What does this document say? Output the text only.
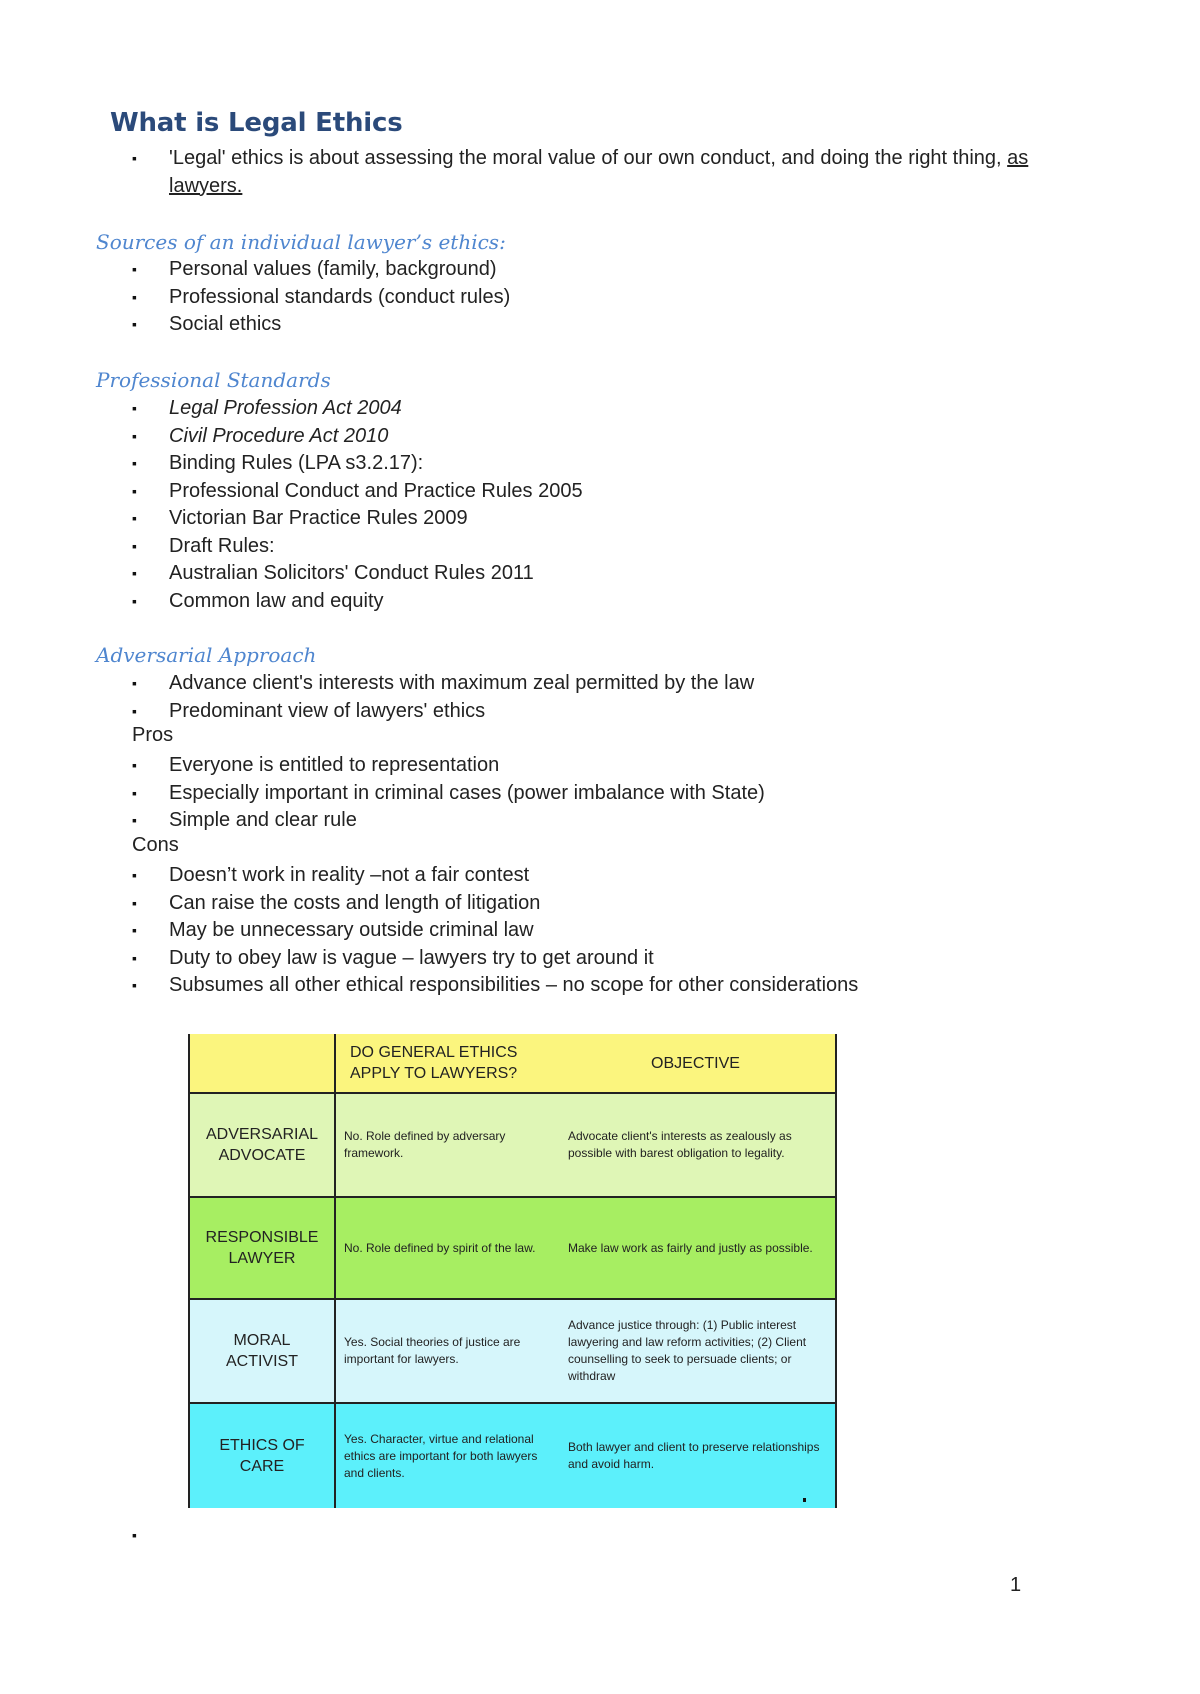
What is Legal Ethics
▪ 'Legal' ethics is about assessing the moral value of our own conduct, and doing the right thing, as lawyers.
Sources of an individual lawyer’s ethics:
▪ Personal values (family, background)
▪ Professional standards (conduct rules)
▪ Social ethics
Professional Standards
▪ Legal Profession Act 2004
▪ Civil Procedure Act 2010
▪ Binding Rules (LPA s3.2.17):
▪ Professional Conduct and Practice Rules 2005
▪ Victorian Bar Practice Rules 2009
▪ Draft Rules:
▪ Australian Solicitors' Conduct Rules 2011
▪ Common law and equity
Adversarial Approach
▪ Advance client's interests with maximum zeal permitted by the law
▪ Predominant view of lawyers' ethics
Pros
▪ Everyone is entitled to representation
▪ Especially important in criminal cases (power imbalance with State)
▪ Simple and clear rule
Cons
▪ Doesn’t work in reality –not a fair contest
▪ Can raise the costs and length of litigation
▪ May be unnecessary outside criminal law
▪ Duty to obey law is vague – lawyers try to get around it
▪ Subsumes all other ethical responsibilities – no scope for other considerations
DO GENERAL ETHICS APPLY TO LAWYERS?
OBJECTIVE
ADVERSARIAL ADVOCATE
No. Role defined by adversary framework.
Advocate client's interests as zealously as possible with barest obligation to legality.
RESPONSIBLE LAWYER
No. Role defined by spirit of the law.	Make law work as fairly and justly as possible.
MORAL ACTIVIST
Yes. Social theories of justice are important for lawyers.
Advance justice through: (1) Public interest lawyering and law reform activities; (2) Client counselling to seek to persuade clients; or withdraw
ETHICS OF CARE
Yes. Character, virtue and relational ethics are important for both lawyers and clients.
Both lawyer and client to preserve relationships and avoid harm.
▪
1
